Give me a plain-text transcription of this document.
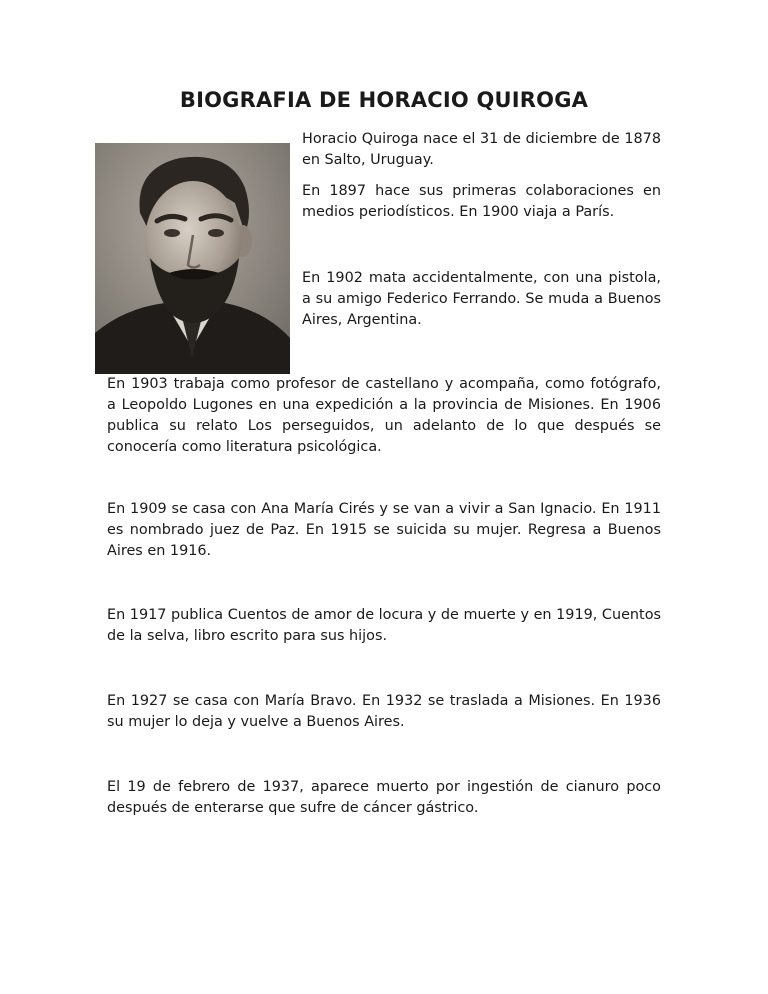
BIOGRAFIA DE HORACIO QUIROGA

Horacio Quiroga nace el 31 de diciembre de 1878 en Salto, Uruguay.

En 1897 hace sus primeras colaboraciones en medios periodísticos. En 1900 viaja a París.

En 1902 mata accidentalmente, con una pistola, a su amigo Federico Ferrando. Se muda a Buenos Aires, Argentina.

En 1903 trabaja como profesor de castellano y acompaña, como fotógrafo, a Leopoldo Lugones en una expedición a la provincia de Misiones. En 1906 publica su relato Los perseguidos, un adelanto de lo que después se conocería como literatura psicológica.

En 1909 se casa con Ana María Cirés y se van a vivir a San Ignacio. En 1911 es nombrado juez de Paz. En 1915 se suicida su mujer. Regresa a Buenos Aires en 1916.

En 1917 publica Cuentos de amor de locura y de muerte y en 1919, Cuentos de la selva, libro escrito para sus hijos.

En 1927 se casa con María Bravo. En 1932 se traslada a Misiones. En 1936 su mujer lo deja y vuelve a Buenos Aires.

El 19 de febrero de 1937, aparece muerto por ingestión de cianuro poco después de enterarse que sufre de cáncer gástrico.
